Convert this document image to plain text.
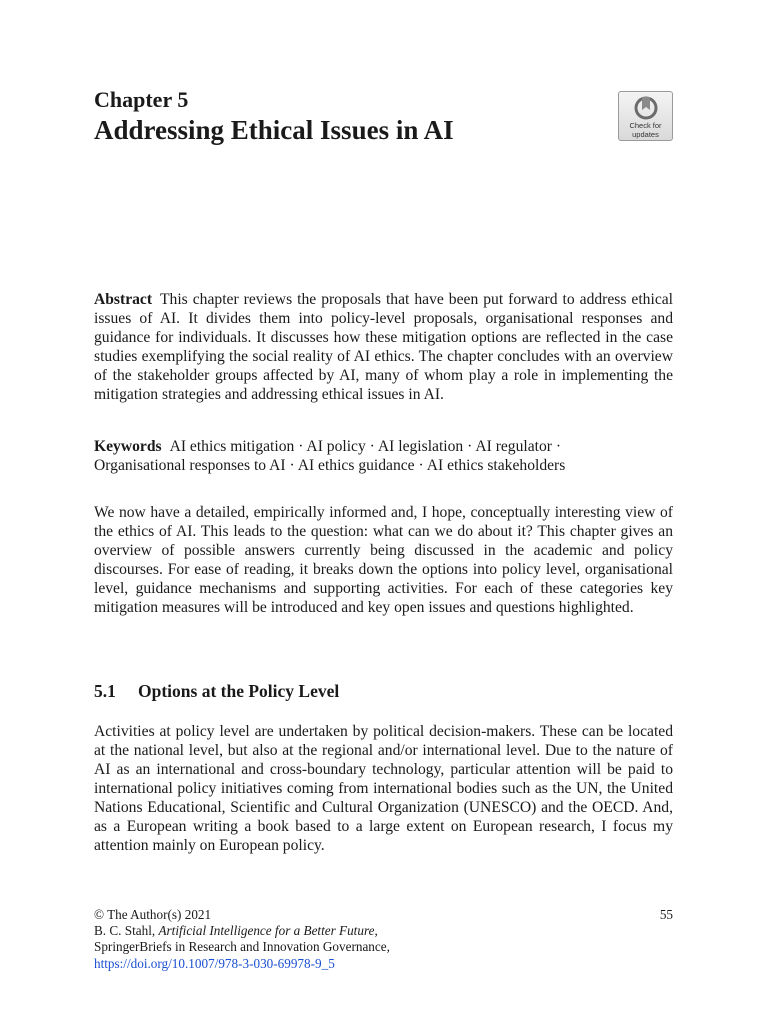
Chapter 5
Addressing Ethical Issues in AI	Check for
updates
Abstract This chapter reviews the proposals that have been put forward to address ethical issues of AI. It divides them into policy-level proposals, organisational responses and guidance for individuals. It discusses how these mitigation options are reflected in the case studies exemplifying the social reality of AI ethics. The chapter concludes with an overview of the stakeholder groups affected by AI, many of whom play a role in implementing the mitigation strategies and addressing ethical issues in AI.
Keywords AI ethics mitigation · AI policy · AI legislation · AI regulator ·
Organisational responses to AI · AI ethics guidance · AI ethics stakeholders
We now have a detailed, empirically informed and, I hope, conceptually interesting view of the ethics of AI. This leads to the question: what can we do about it? This chapter gives an overview of possible answers currently being discussed in the academic and policy discourses. For ease of reading, it breaks down the options into policy level, organisational level, guidance mechanisms and supporting activities. For each of these categories key mitigation measures will be introduced and key open issues and questions highlighted.
5.1 Options at the Policy Level
Activities at policy level are undertaken by political decision-makers. These can be located at the national level, but also at the regional and/or international level. Due to the nature of AI as an international and cross-boundary technology, particular attention will be paid to international policy initiatives coming from international bodies such as the UN, the United Nations Educational, Scientific and Cultural Organization (UNESCO) and the OECD. And, as a European writing a book based to a large extent on European research, I focus my attention mainly on European policy.
© The Author(s) 2021
B. C. Stahl, Artificial Intelligence for a Better Future,
SpringerBriefs in Research and Innovation Governance,
https://doi.org/10.1007/978-3-030-69978-9_5
55
